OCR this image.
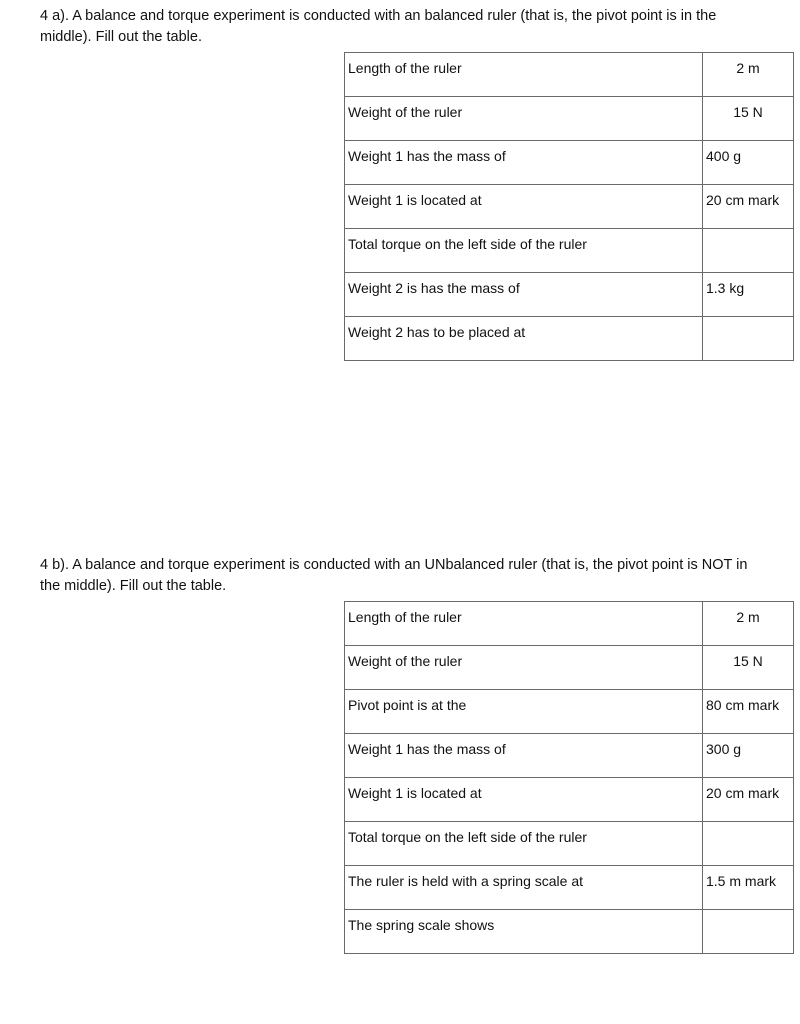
4 a). A balance and torque experiment is conducted with an balanced ruler (that is, the pivot point is in the middle). Fill out the table.

Length of the ruler	2 m
Weight of the ruler	15 N
Weight 1 has the mass of	400 g
Weight 1 is located at	20 cm mark
Total torque on the left side of the ruler	
Weight 2 is has the mass of	1.3 kg
Weight 2 has to be placed at	

4 b). A balance and torque experiment is conducted with an UNbalanced ruler (that is, the pivot point is NOT in the middle). Fill out the table.

Length of the ruler	2 m
Weight of the ruler	15 N
Pivot point is at the	80 cm mark
Weight 1 has the mass of	300 g
Weight 1 is located at	20 cm mark
Total torque on the left side of the ruler	
The ruler is held with a spring scale at	1.5 m mark
The spring scale shows	
